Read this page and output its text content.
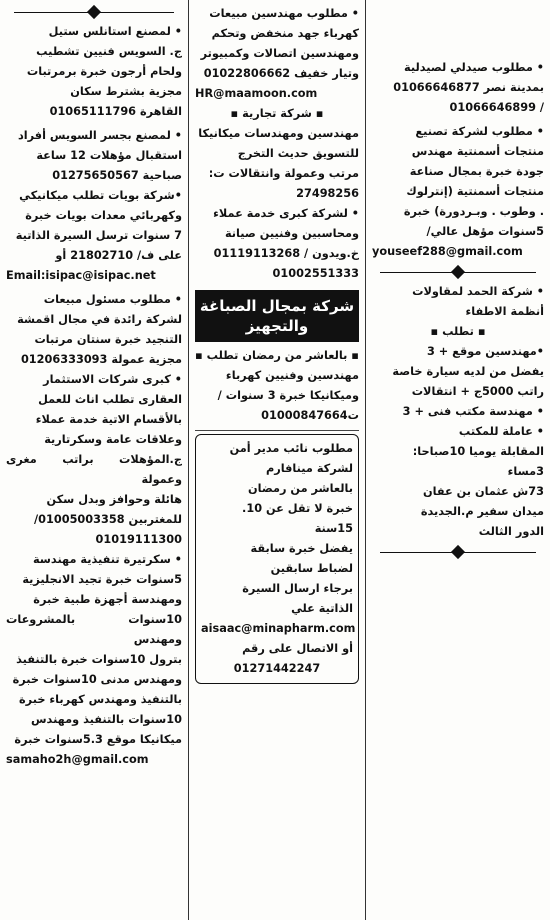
• مطلوب صيدلي لصيدلية

بمدينة نصر 01066646877

/ 01066646899

• مطلوب لشركة تصنيع

منتجات أسمنتية مهندس

جودة خبرة بمجال صناعة

منتجات أسمنتية (إنترلوك

. وطوب . وبـردورة) خبرة

5سنوات مؤهل عالي/

youseef288@gmail.com

• شركة الحمد لمقاولات

أنظمة الاطفاء

▪ تطلب ▪

•مهندسين موقع + 3

يفضل من لديه سيارة خاصة

راتب 5000ج + انتقالات

• مهندسة مكتب فنى + 3

• عاملة للمكتب

المقابلة يوميا 10صباحا:

3مساء

73ش عثمان بن عفان

ميدان سفير م.الجديدة

الدور الثالث

• مطلوب مهندسين مبيعات

كهرباء جهد منخفض وتحكم

ومهندسين اتصالات وكمبيوتر

وتيار خفيف 01022806662

HR@maamoon.com

▪ شركة تجارية ▪

مهندسين ومهندسات ميكانيكا

للتسويق حديث التخرج

مرتب وعمولة وانتقالات ت:

27498256

• لشركة كبرى خدمة عملاء

ومحاسبين وفنيين صيانة

خ.ويدون / 01119113268

01002551333

شركة بمجال الصباغة والتجهيز

▪ بالعاشر من رمضان تطلب ▪

مهندسين وفنيين كهرباء

وميكانيكا خبرة 3 سنوات /

ت01000847664

مطلوب نائب مدير أمن

لشركة مينافارم

بالعاشر من رمضان

خبرة لا تقل عن 10.

15سنة

يفضل خبرة سابقة

لضباط سابقين

برجاء ارسال السيرة

الذاتية علي

aisaac@minapharm.com

أو الاتصال على رقم

01271442247

• لمصنع استانلس ستيل

ج. السويس فنيين تشطيب

ولحام أرجون خبرة برمرتبات

مجزية بشترط سكان

القاهرة 01065111796

• لمصنع بجسر السويس أفراد

استقبال مؤهلات 12 ساعة

صباحية 01275650567

•شركة بويات تطلب ميكانيكي

وكهربائي معدات بويات خبرة

7 سنوات ترسل السيرة الذاتية

على ف/ 21802710 أو

Email:isipac@isipac.net

• مطلوب مسئول مبيعات

لشركة رائدة في مجال اقمشة

التنجيد خبرة سنتان مرتبات

مجزية عمولة 01206333093

• كبرى شركات الاستثمار

العقارى تطلب اناث للعمل

بالأقسام الاتية خدمة عملاء

وعلاقات عامة وسكرتارية

ج.المؤهلات براتب مغرى وعمولة

هائلة وحوافز وبدل سكن

للمغتربين 01005003358/

01019111300

• سكرتيرة تنفيذية مهندسة

5سنوات خبرة تجيد الانجليزية

ومهندسة أجهزة طبية خبرة

10سنوات بالمشروعات ومهندس

بترول 10سنوات خبرة بالتنفيذ

ومهندس مدنى 10سنوات خبرة

بالتنفيذ ومهندس كهرباء خبرة

10سنوات بالتنفيذ ومهندس

ميكانيكا موقع 5.3سنوات خبرة

samaho2h@gmail.com
